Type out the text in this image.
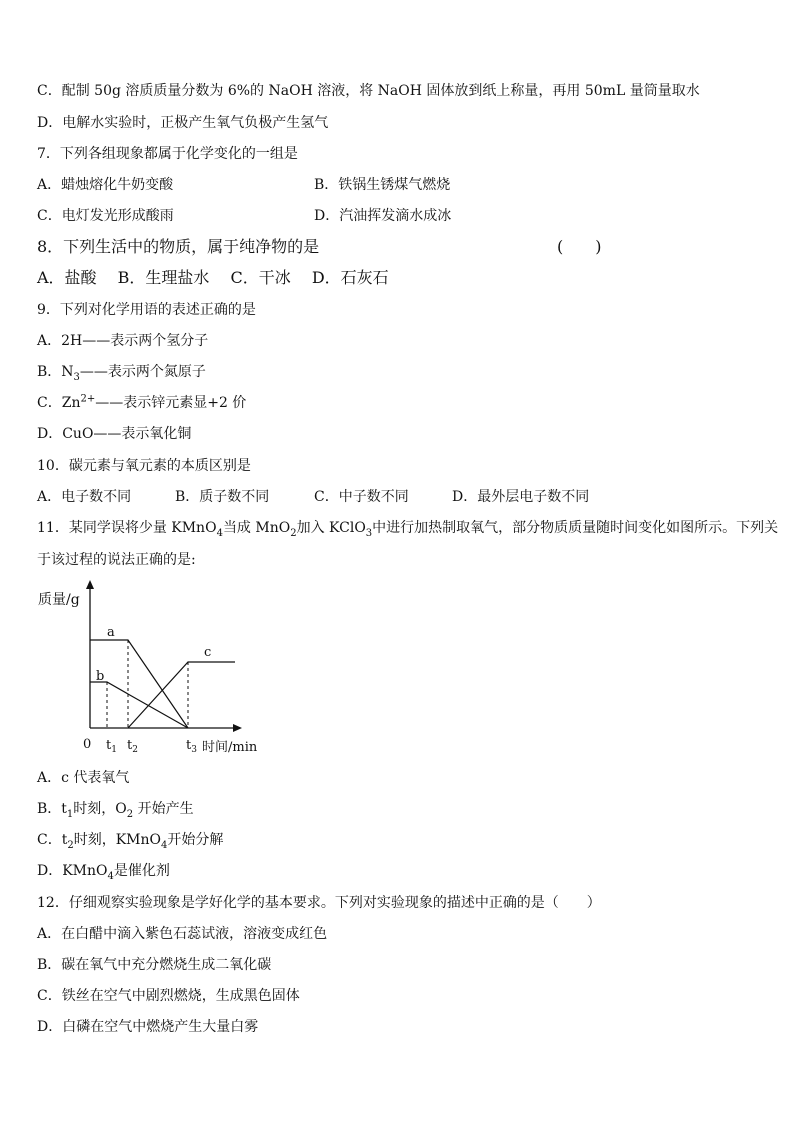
C．配制 50g 溶质质量分数为 6%的 NaOH 溶液，将 NaOH 固体放到纸上称量，再用 50mL 量筒量取水
D．电解水实验时，正极产生氧气负极产生氢气
7．下列各组现象都属于化学变化的一组是
A．蜡烛熔化牛奶变酸	B．铁锅生锈煤气燃烧
C．电灯发光形成酸雨	D．汽油挥发滴水成冰
8．下列生活中的物质，属于纯净物的是	(　　)
A．盐酸　 B．生理盐水　 C．干冰　 D．石灰石
9．下列对化学用语的表述正确的是
A．2H——表示两个氢分子
B．$N_3——$表示两个氮原子
C．$Zn^{2+}——$表示锌元素显+2 价
D．CuO——表示氧化铜
10．碳元素与氧元素的本质区别是
A．电子数不同	B．质子数不同	C．中子数不同	D．最外层电子数不同
11．某同学误将少量 KMnO$_4$当成 MnO$_2$加入 KClO$_3$中进行加热制取氧气，部分物质质量随时间变化如图所示。下列关
于该过程的说法正确的是:
质量/g
a
b
c
0 $t_1$ $t_2$	$t_3$ 时间/min
A．c 代表氧气
B．$t_1$时刻，$O_2$ 开始产生
C．$t_2$时刻，KMnO$_4$开始分解
D．KMnO$_4$是催化剂
12．仔细观察实验现象是学好化学的基本要求。下列对实验现象的描述中正确的是（　　）
A．在白醋中滴入紫色石蕊试液，溶液变成红色
B．碳在氧气中充分燃烧生成二氧化碳
C．铁丝在空气中剧烈燃烧，生成黑色固体
D．白磷在空气中燃烧产生大量白雾
